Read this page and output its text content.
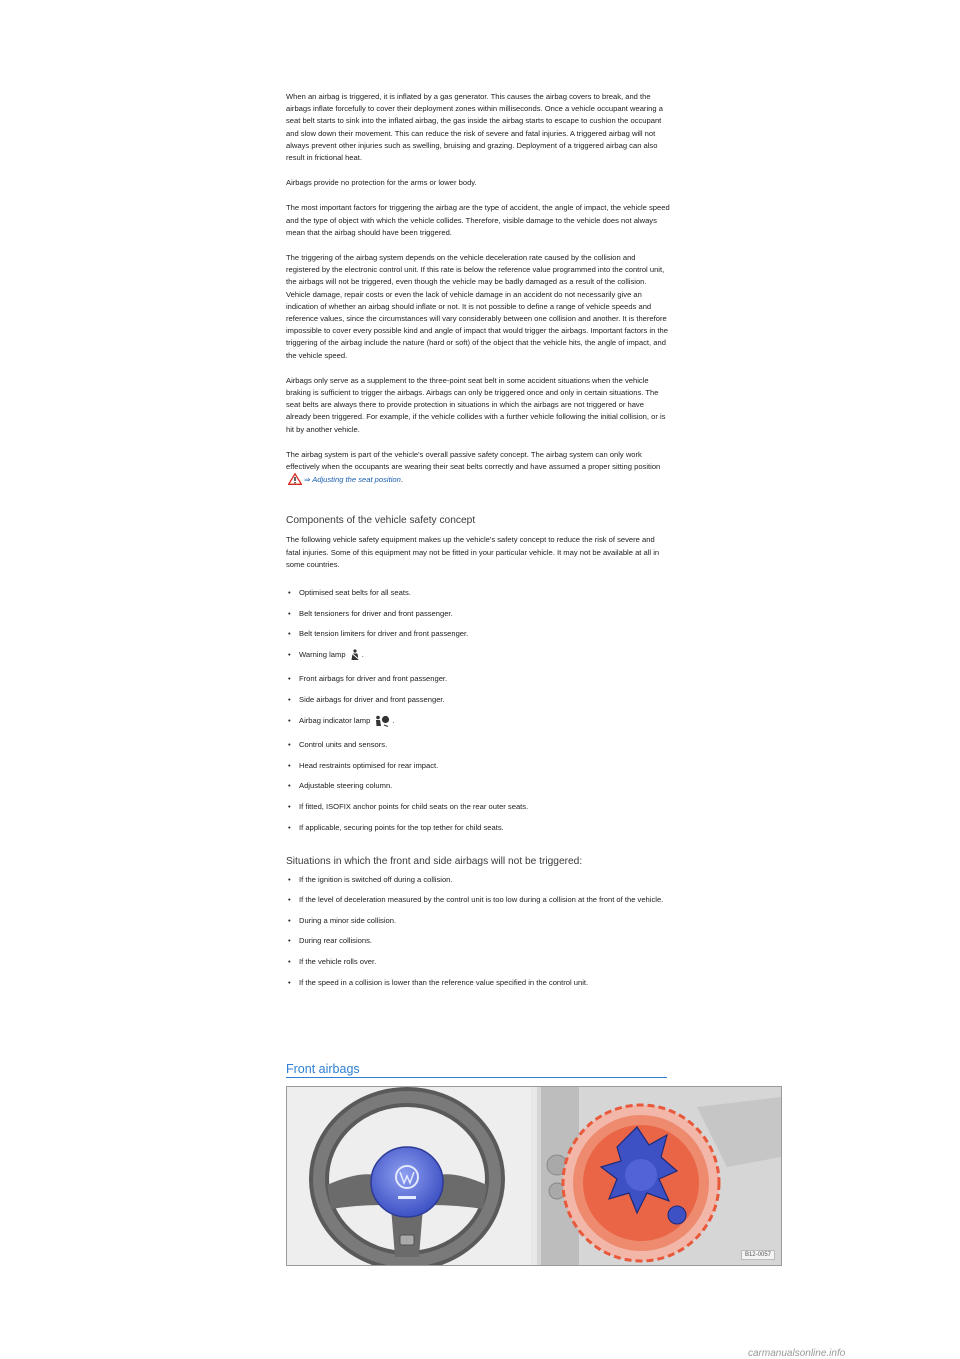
When an airbag is triggered, it is inflated by a gas generator. This causes the airbag covers to break, and the airbags inflate forcefully to cover their deployment zones within milliseconds. Once a vehicle occupant wearing a seat belt starts to sink into the inflated airbag, the gas inside the airbag starts to escape to cushion the occupant and slow down their movement. This can reduce the risk of severe and fatal injuries. A triggered airbag will not always prevent other injuries such as swelling, bruising and grazing. Deployment of a triggered airbag can also result in frictional heat.

Airbags provide no protection for the arms or lower body.

The most important factors for triggering the airbag are the type of accident, the angle of impact, the vehicle speed and the type of object with which the vehicle collides. Therefore, visible damage to the vehicle does not always mean that the airbag should have been triggered.

The triggering of the airbag system depends on the vehicle deceleration rate caused by the collision and registered by the electronic control unit. If this rate is below the reference value programmed into the control unit, the airbags will not be triggered, even though the vehicle may be badly damaged as a result of the collision. Vehicle damage, repair costs or even the lack of vehicle damage in an accident do not necessarily give an indication of whether an airbag should inflate or not. It is not possible to define a range of vehicle speeds and reference values, since the circumstances will vary considerably between one collision and another. It is therefore impossible to cover every possible kind and angle of impact that would trigger the airbags. Important factors in the triggering of the airbag include the nature (hard or soft) of the object that the vehicle hits, the angle of impact, and the vehicle speed.

Airbags only serve as a supplement to the three-point seat belt in some accident situations when the vehicle braking is sufficient to trigger the airbags. Airbags can only be triggered once and only in certain situations. The seat belts are always there to provide protection in situations in which the airbags are not triggered or have already been triggered. For example, if the vehicle collides with a further vehicle following the initial collision, or is hit by another vehicle.

The airbag system is part of the vehicle's overall passive safety concept. The airbag system can only work effectively when the occupants are wearing their seat belts correctly and have assumed a proper sitting position ⇒ Adjusting the seat position.

Components of the vehicle safety concept

The following vehicle safety equipment makes up the vehicle's safety concept to reduce the risk of severe and fatal injuries. Some of this equipment may not be fitted in your particular vehicle. It may not be available at all in some countries.

• Optimised seat belts for all seats.
• Belt tensioners for driver and front passenger.
• Belt tension limiters for driver and front passenger.
• Warning lamp .
• Front airbags for driver and front passenger.
• Side airbags for driver and front passenger.
• Airbag indicator lamp	.
• Control units and sensors.
• Head restraints optimised for rear impact.
• Adjustable steering column.
• If fitted, ISOFIX anchor points for child seats on the rear outer seats.
• If applicable, securing points for the top tether for child seats.
Situations in which the front and side airbags will not be triggered:
• If the ignition is switched off during a collision.
• If the level of deceleration measured by the control unit is too low during a collision at the front of the vehicle.
• During a minor side collision.
• During rear collisions.
• If the vehicle rolls over.
• If the speed in a collision is lower than the reference value specified in the control unit.
Front airbags
B12-0057
carmanualsonline.info
